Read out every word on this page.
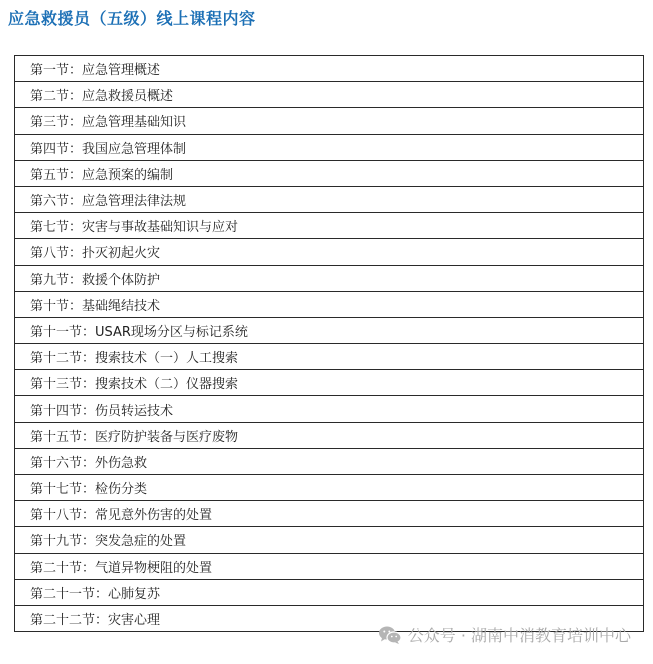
应急救援员（五级）线上课程内容
第一节：应急管理概述
第二节：应急救援员概述
第三节：应急管理基础知识
第四节：我国应急管理体制
第五节：应急预案的编制
第六节：应急管理法律法规
第七节：灾害与事故基础知识与应对
第八节：扑灭初起火灾
第九节：救援个体防护
第十节：基础绳结技术
第十一节：USAR现场分区与标记系统
第十二节：搜索技术（一）人工搜索
第十三节：搜索技术（二）仪器搜索
第十四节：伤员转运技术
第十五节：医疗防护装备与医疗废物
第十六节：外伤急救
第十七节：检伤分类
第十八节：常见意外伤害的处置
第十九节：突发急症的处置
第二十节：气道异物梗阻的处置
第二十一节：心肺复苏
第二十二节：灾害心理
公众号 · 湖南中消教育培训中心
